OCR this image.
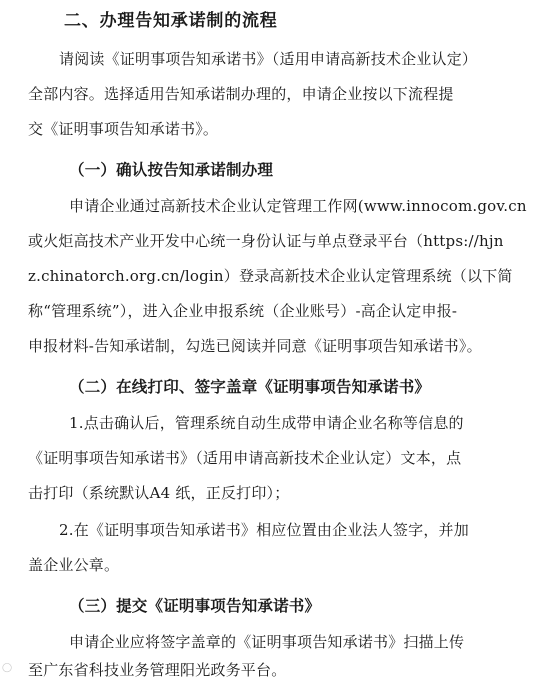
二、办理告知承诺制的流程
请阅读《证明事项告知承诺书》（适用申请高新技术企业认定）
全部内容。选择适用告知承诺制办理的，申请企业按以下流程提
交《证明事项告知承诺书》。
（一）确认按告知承诺制办理
申请企业通过高新技术企业认定管理工作网(www.innocom.gov.cn
或火炬高技术产业开发中心统一身份认证与单点登录平台（https://hjn
z.chinatorch.org.cn/login）登录高新技术企业认定管理系统（以下简
称“管理系统”），进入企业申报系统（企业账号）-高企认定申报-
申报材料-告知承诺制，勾选已阅读并同意《证明事项告知承诺书》。
（二）在线打印、签字盖章《证明事项告知承诺书》
1.点击确认后，管理系统自动生成带申请企业名称等信息的
《证明事项告知承诺书》（适用申请高新技术企业认定）文本，点
击打印（系统默认A4 纸，正反打印）；
2.在《证明事项告知承诺书》相应位置由企业法人签字，并加
盖企业公章。
（三）提交《证明事项告知承诺书》
申请企业应将签字盖章的《证明事项告知承诺书》扫描上传
至广东省科技业务管理阳光政务平台。
◯
